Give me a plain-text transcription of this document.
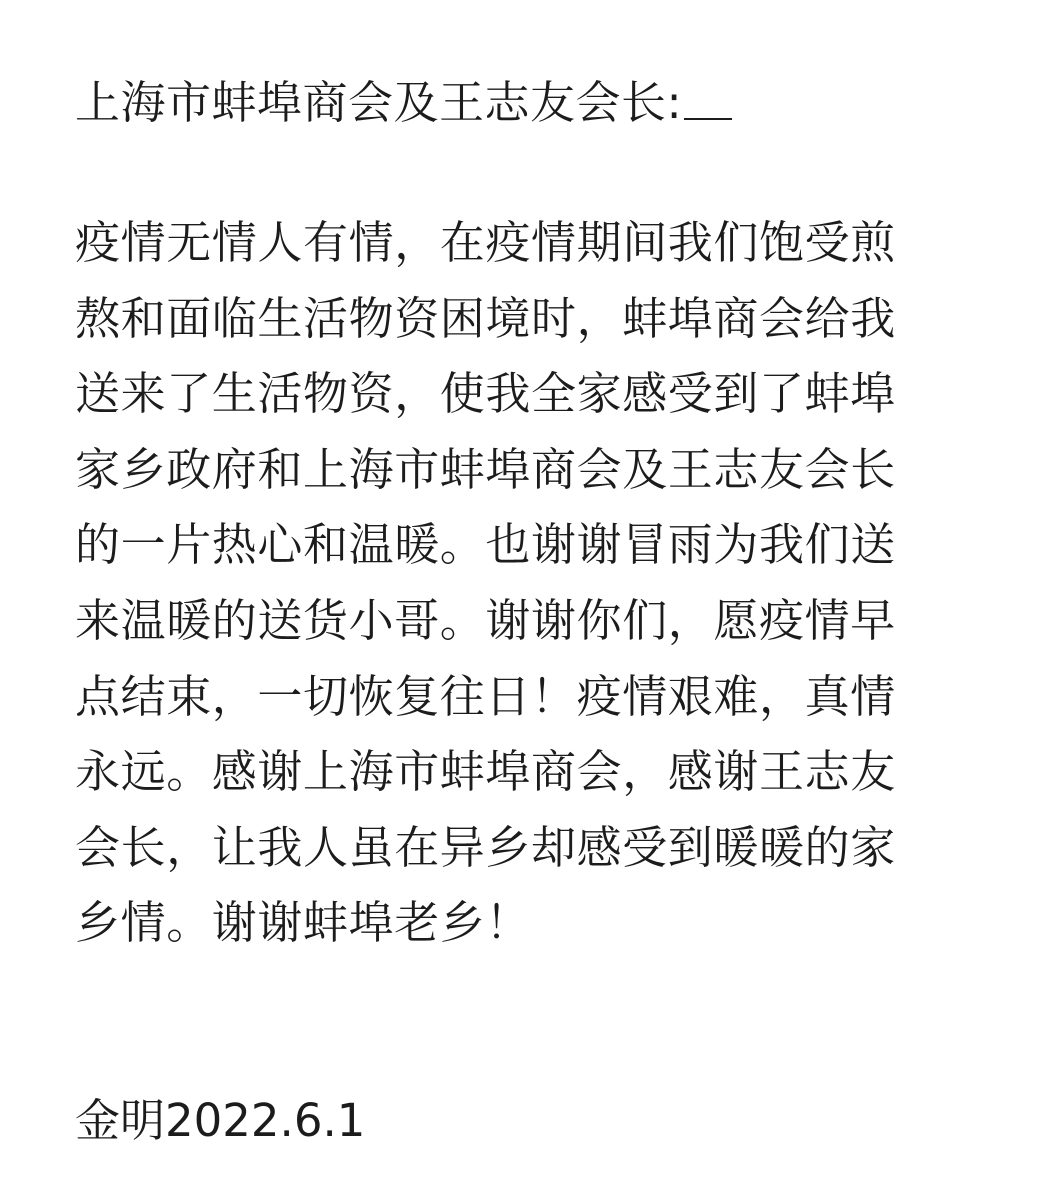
上海市蚌埠商会及王志友会长:
疫情无情人有情，在疫情期间我们饱受煎
熬和面临生活物资困境时，蚌埠商会给我
送来了生活物资，使我全家感受到了蚌埠
家乡政府和上海市蚌埠商会及王志友会长
的一片热心和温暖。也谢谢冒雨为我们送
来温暖的送货小哥。谢谢你们，愿疫情早
点结束，一切恢复往日！疫情艰难，真情
永远。感谢上海市蚌埠商会，感谢王志友
会长，让我人虽在异乡却感受到暖暖的家
乡情。谢谢蚌埠老乡！
金明2022.6.1
